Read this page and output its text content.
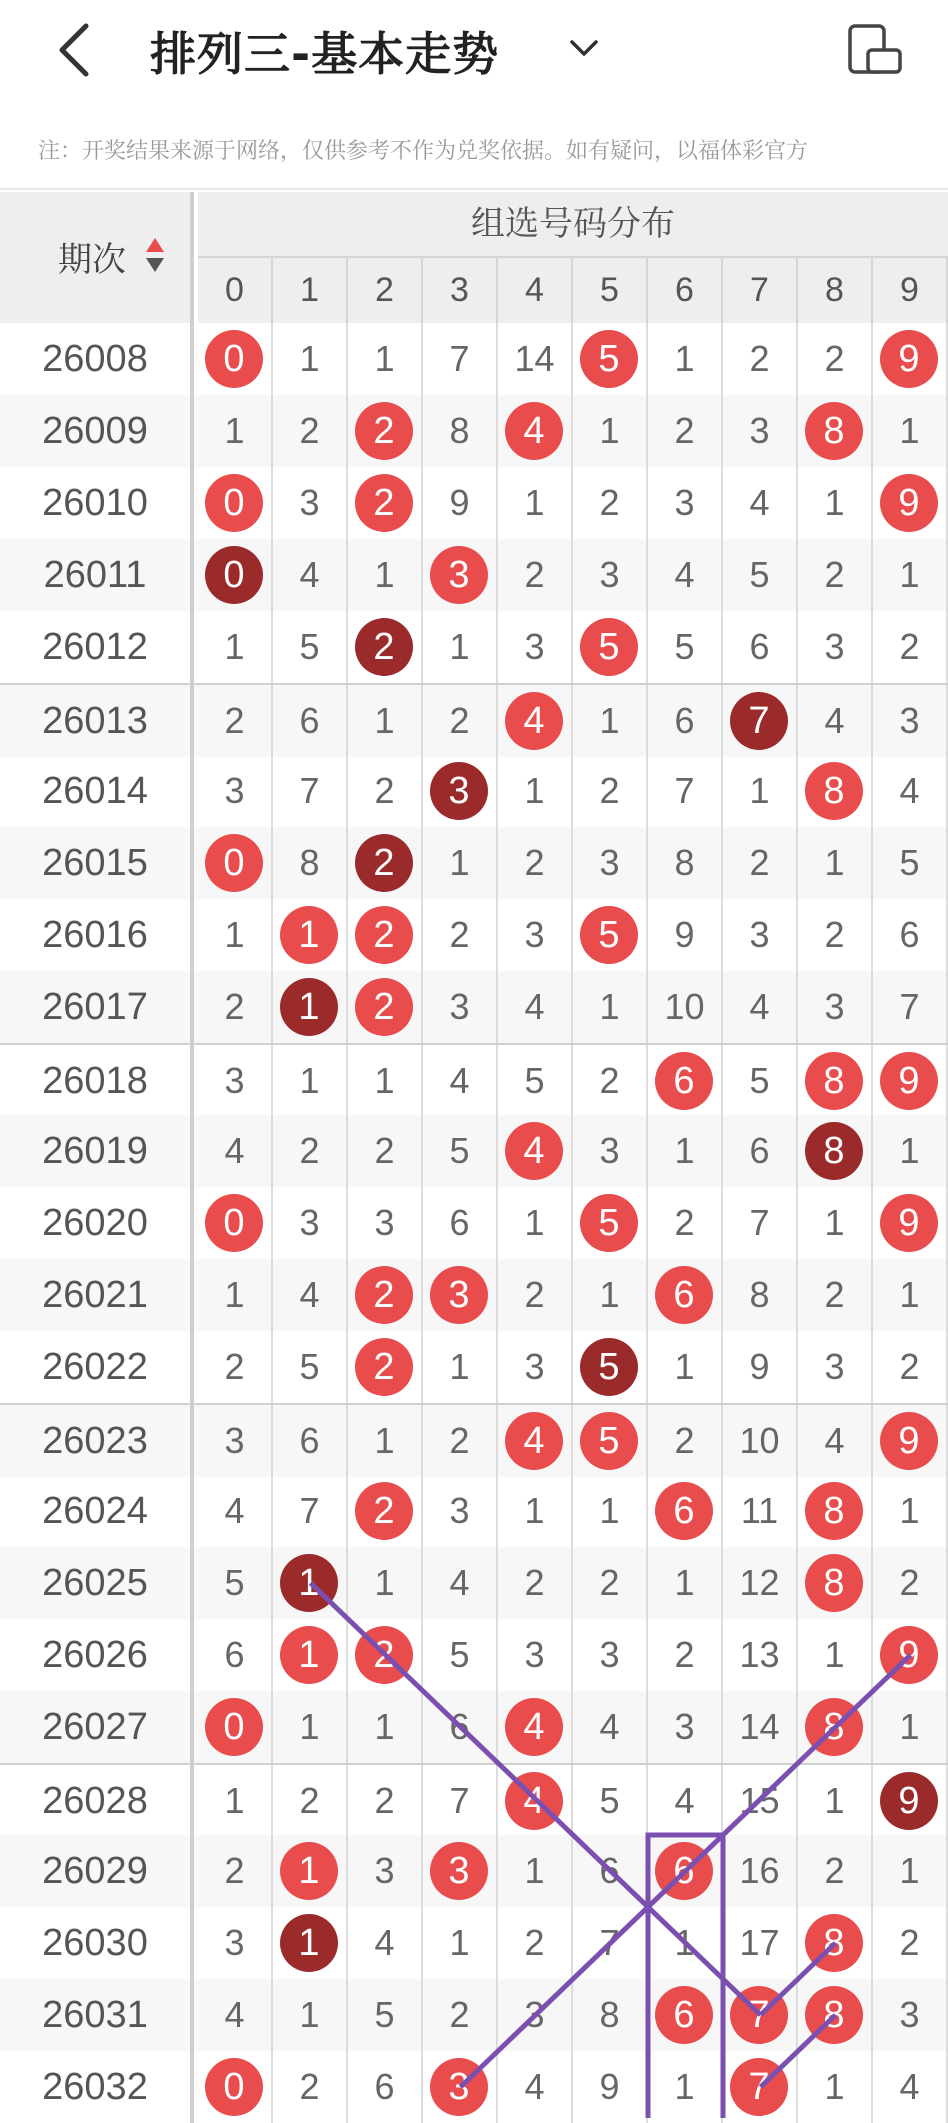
排列三-基本走势
注：开奖结果来源于网络，仅供参考不作为兑奖依据。如有疑问，以福体彩官方
期次
组选号码分布
0	1	2	3	4	5	6	7	8	9
26008	0	1	1	7	14	5	1	2	2	9
26009	1	2	2	8	4	1	2	3	8	1
26010	0	3	2	9	1	2	3	4	1	9
26011	0	4	1	3	2	3	4	5	2	1
26012	1	5	2	1	3	5	5	6	3	2
26013	2	6	1	2	4	1	6	7	4	3
26014	3	7	2	3	1	2	7	1	8	4
26015	0	8	2	1	2	3	8	2	1	5
26016	1	1	2	2	3	5	9	3	2	6
26017	2	1	2	3	4	1	10	4	3	7
26018	3	1	1	4	5	2	6	5	8	9
26019	4	2	2	5	4	3	1	6	8	1
26020	0	3	3	6	1	5	2	7	1	9
26021	1	4	2	3	2	1	6	8	2	1
26022	2	5	2	1	3	5	1	9	3	2
26023	3	6	1	2	4	5	2	10	4	9
26024	4	7	2	3	1	1	6	11	8	1
26025	5	1	1	4	2	2	1	12	8	2
26026	6	1	2	5	3	3	2	13	1	9
26027	0	1	1	6	4	4	3	14	8	1
26028	1	2	2	7	4	5	4	15	1	9
26029	2	1	3	3	1	6	6	16	2	1
26030	3	1	4	1	2	7	1	17	8	2
26031	4	1	5	2	3	8	6	7	8	3
26032	0	2	6	3	4	9	1	7	1	4
